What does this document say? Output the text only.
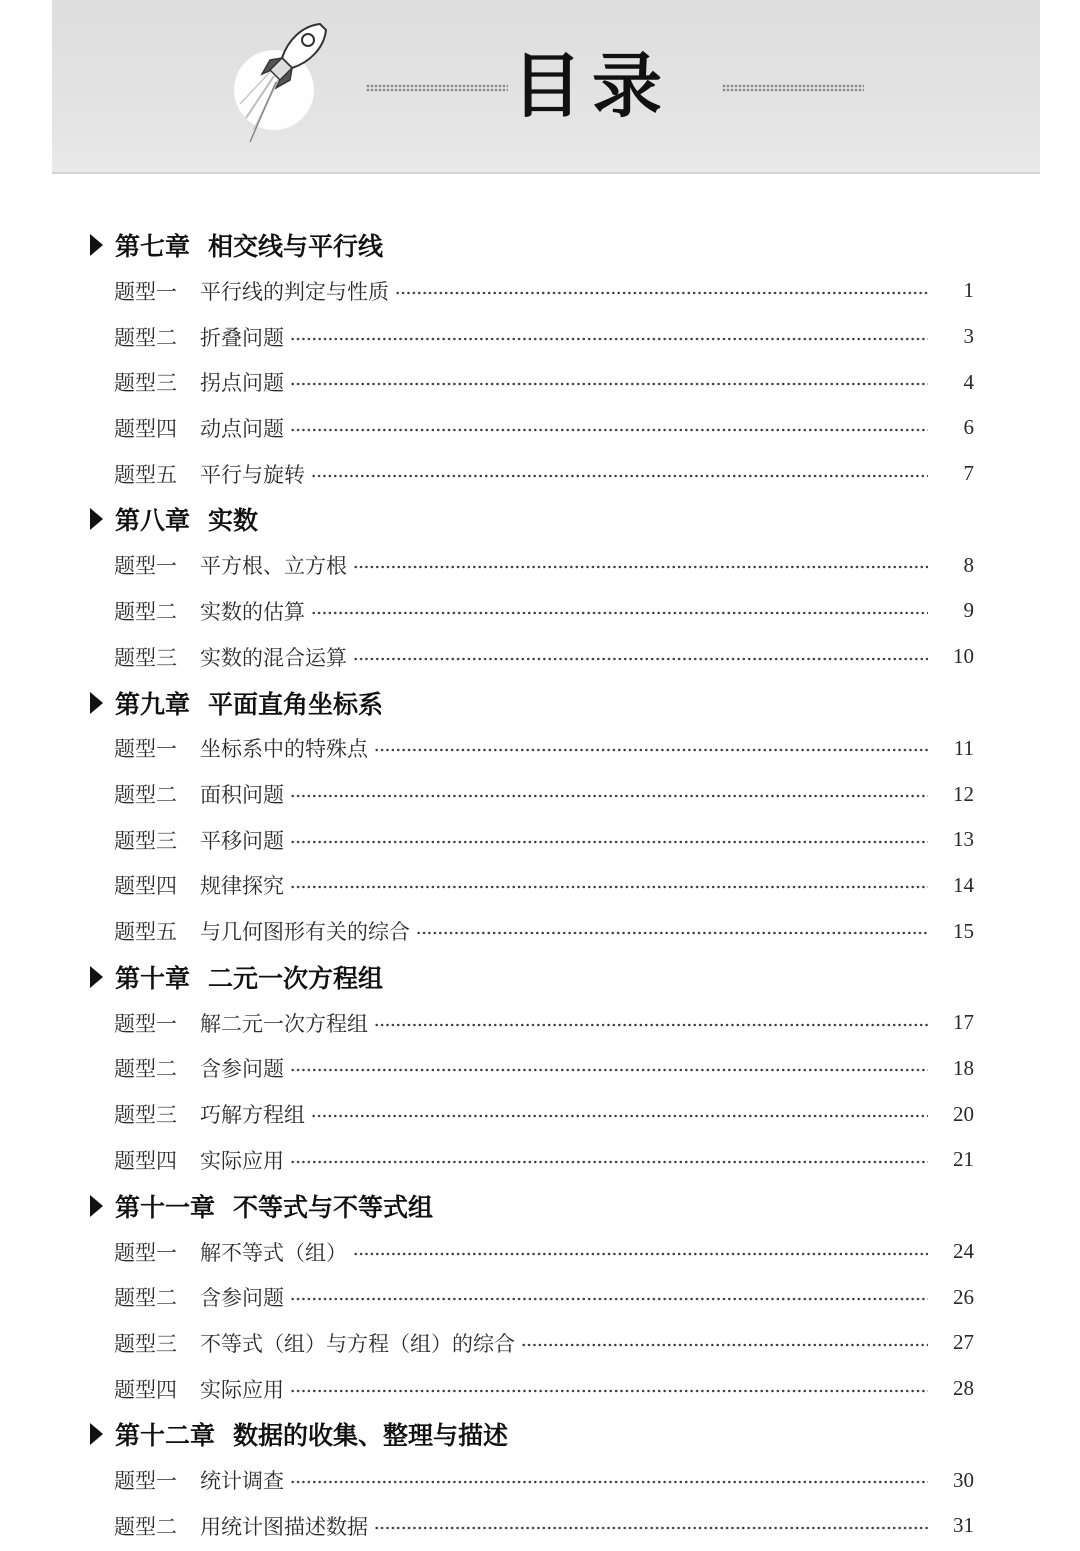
目录
第七章 相交线与平行线
题型一	平行线的判定与性质	1
题型二	折叠问题	3
题型三	拐点问题	4
题型四	动点问题	6
题型五	平行与旋转	7
第八章 实数
题型一	平方根、立方根	8
题型二	实数的估算	9
题型三	实数的混合运算	10
第九章 平面直角坐标系
题型一	坐标系中的特殊点	11
题型二	面积问题	12
题型三	平移问题	13
题型四	规律探究	14
题型五	与几何图形有关的综合	15
第十章 二元一次方程组
题型一	解二元一次方程组	17
题型二	含参问题	18
题型三	巧解方程组	20
题型四	实际应用	21
第十一章 不等式与不等式组
题型一	解不等式（组）	24
题型二	含参问题	26
题型三	不等式（组）与方程（组）的综合	27
题型四	实际应用	28
第十二章 数据的收集、整理与描述
题型一	统计调查	30
题型二	用统计图描述数据	31
